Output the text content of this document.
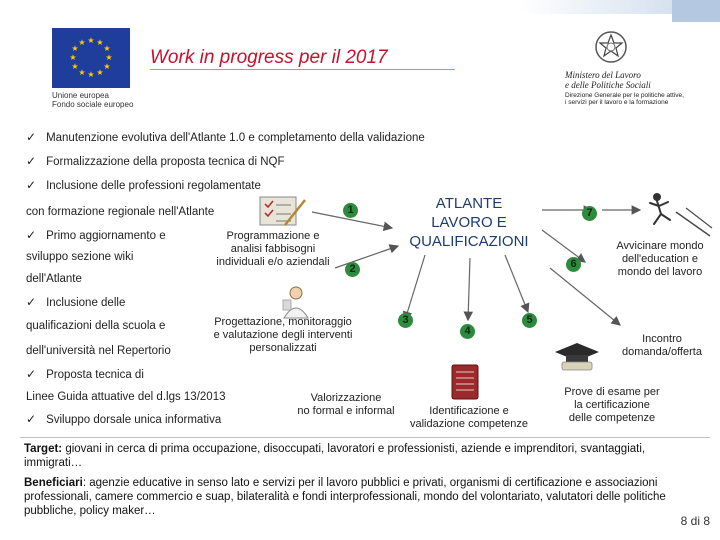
★ ★
★
★
★
★
★
★
★
★
★
★
Unione europea
Fondo sociale europeo
Work in progress per il 2017
Ministero del Lavoro
e delle Politiche Sociali
Direzione Generale per le politiche attive,
i servizi per il lavoro e la formazione
✓ Manutenzione evolutiva dell'Atlante 1.0 e completamento della validazione
✓ Formalizzazione della proposta tecnica di NQF
✓ Inclusione delle professioni regolamentate
con formazione regionale nell'Atlante
✓ Primo aggiornamento e
sviluppo sezione wiki
dell'Atlante
✓ Inclusione delle
qualificazioni della scuola e
dell'università nel Repertorio
✓ Proposta tecnica di
Linee Guida attuative del d.lgs 13/2013
✓ Sviluppo dorsale unica informativa
ATLANTE
LAVORO E
QUALIFICAZIONI
1
2
3
4
5
6
7
Programmazione e
analisi fabbisogni
individuali e/o aziendali
Progettazione, monitoraggio
e valutazione degli interventi
personalizzati
Valorizzazione
no formal e informal	Identificazione e
validazione competenze
Prove di esame per
la certificazione
delle competenze
Avvicinare mondo
dell'education e
mondo del lavoro
Incontro
domanda/offerta
Target: giovani in cerca di prima occupazione, disoccupati, lavoratori e professionisti, aziende e imprenditori, svantaggiati, immigrati…
Beneficiari: agenzie educative in senso lato e servizi per il lavoro pubblici e privati, organismi di certificazione e associazioni professionali, camere commercio e suap, bilateralità e fondi interprofessionali, mondo del volontariato, valutatori delle politiche pubbliche, policy maker…
8 di 8
